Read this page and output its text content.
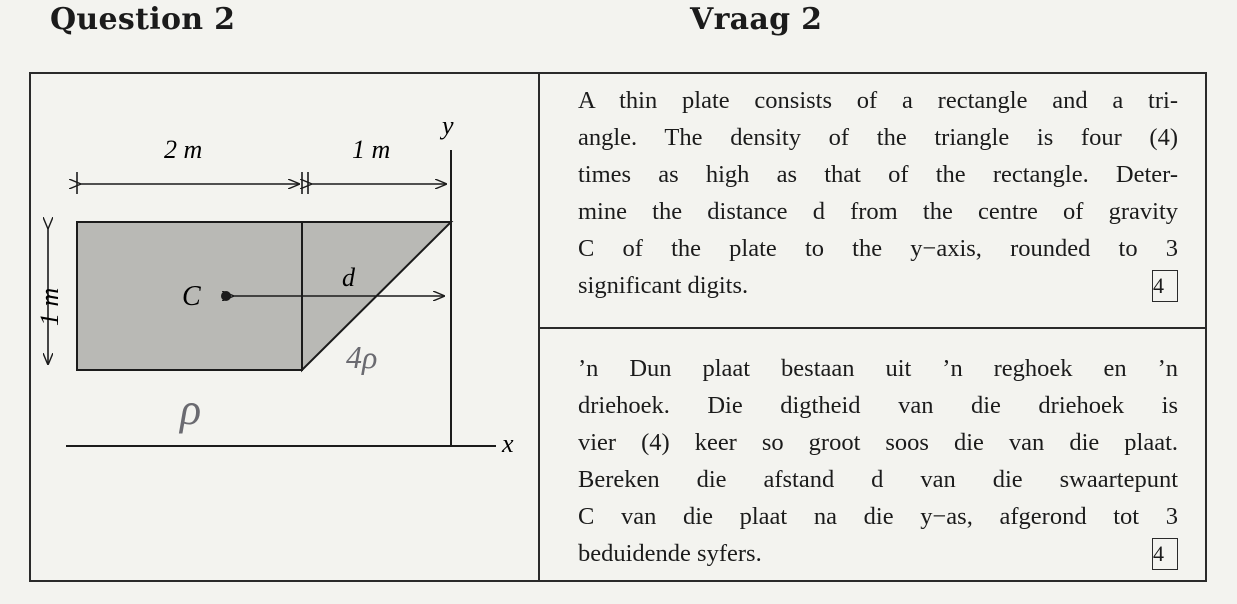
Question 2	Vraag 2
2 m	1 m
1 m
y
x
C
d
ρ
4ρ
A thin plate consists of a rectangle and a tri-
angle. The density of the triangle is four (4)
times as high as that of the rectangle. Deter-
mine the distance d from the centre of gravity
C of the plate to the y−axis, rounded to 3
significant digits.	4
’n Dun plaat bestaan uit ’n reghoek en ’n
driehoek. Die digtheid van die driehoek is
vier (4) keer so groot soos die van die plaat.
Bereken die afstand d van die swaartepunt
C van die plaat na die y−as, afgerond tot 3
beduidende syfers.	4
